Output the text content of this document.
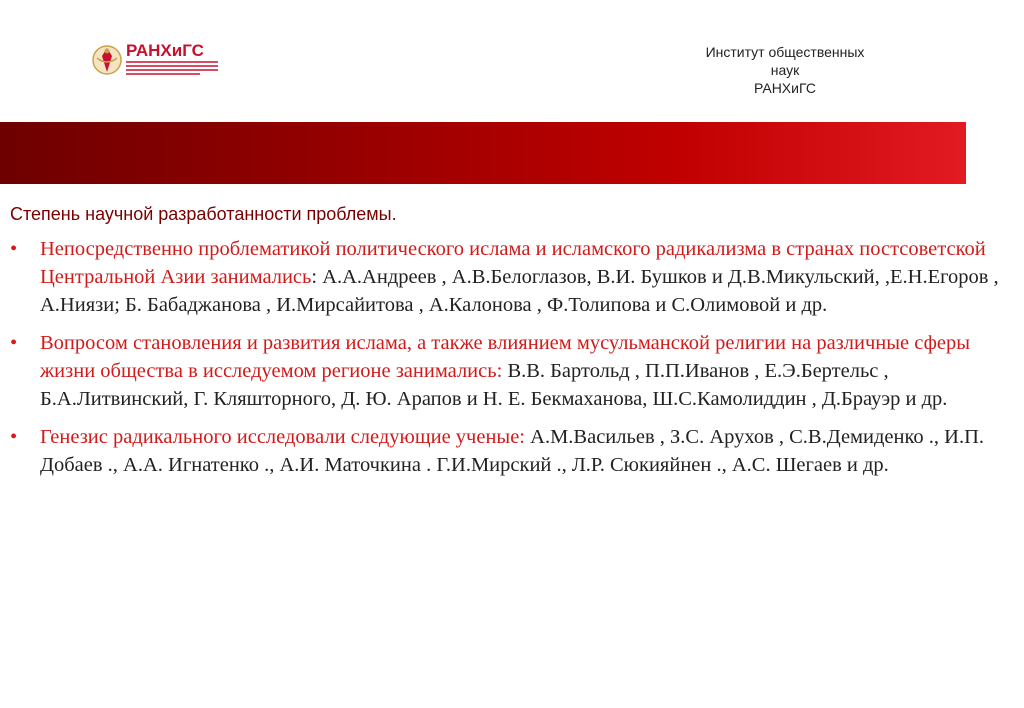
РАНХиГС	Институт общественных наук
РАНХиГС
Степень научной разработанности проблемы.
• Непосредственно проблематикой политического ислама и исламского радикализма в странах постсоветской Центральной Азии занимались: А.А.Андреев , А.В.Белоглазов, В.И. Бушков и Д.В.Микульский, ,Е.Н.Егоров , А.Ниязи; Б. Бабаджанова , И.Мирсайитова , А.Калонова , Ф.Толипова и С.Олимовой и др.
• Вопросом становления и развития ислама, а также влиянием мусульманской религии на различные сферы жизни общества в исследуемом регионе занимались: В.В. Бартольд , П.П.Иванов , Е.Э.Бертельс , Б.А.Литвинский, Г. Кляшторного, Д. Ю. Арапов и Н. Е. Бекмаханова, Ш.С.Камолиддин , Д.Брауэр и др.
• Генезис радикального исследовали следующие ученые: А.М.Васильев , З.С. Арухов , С.В.Демиденко ., И.П. Добаев ., А.А. Игнатенко ., А.И. Маточкина . Г.И.Мирский ., Л.Р. Сюкияйнен ., А.С. Шегаев и др.
